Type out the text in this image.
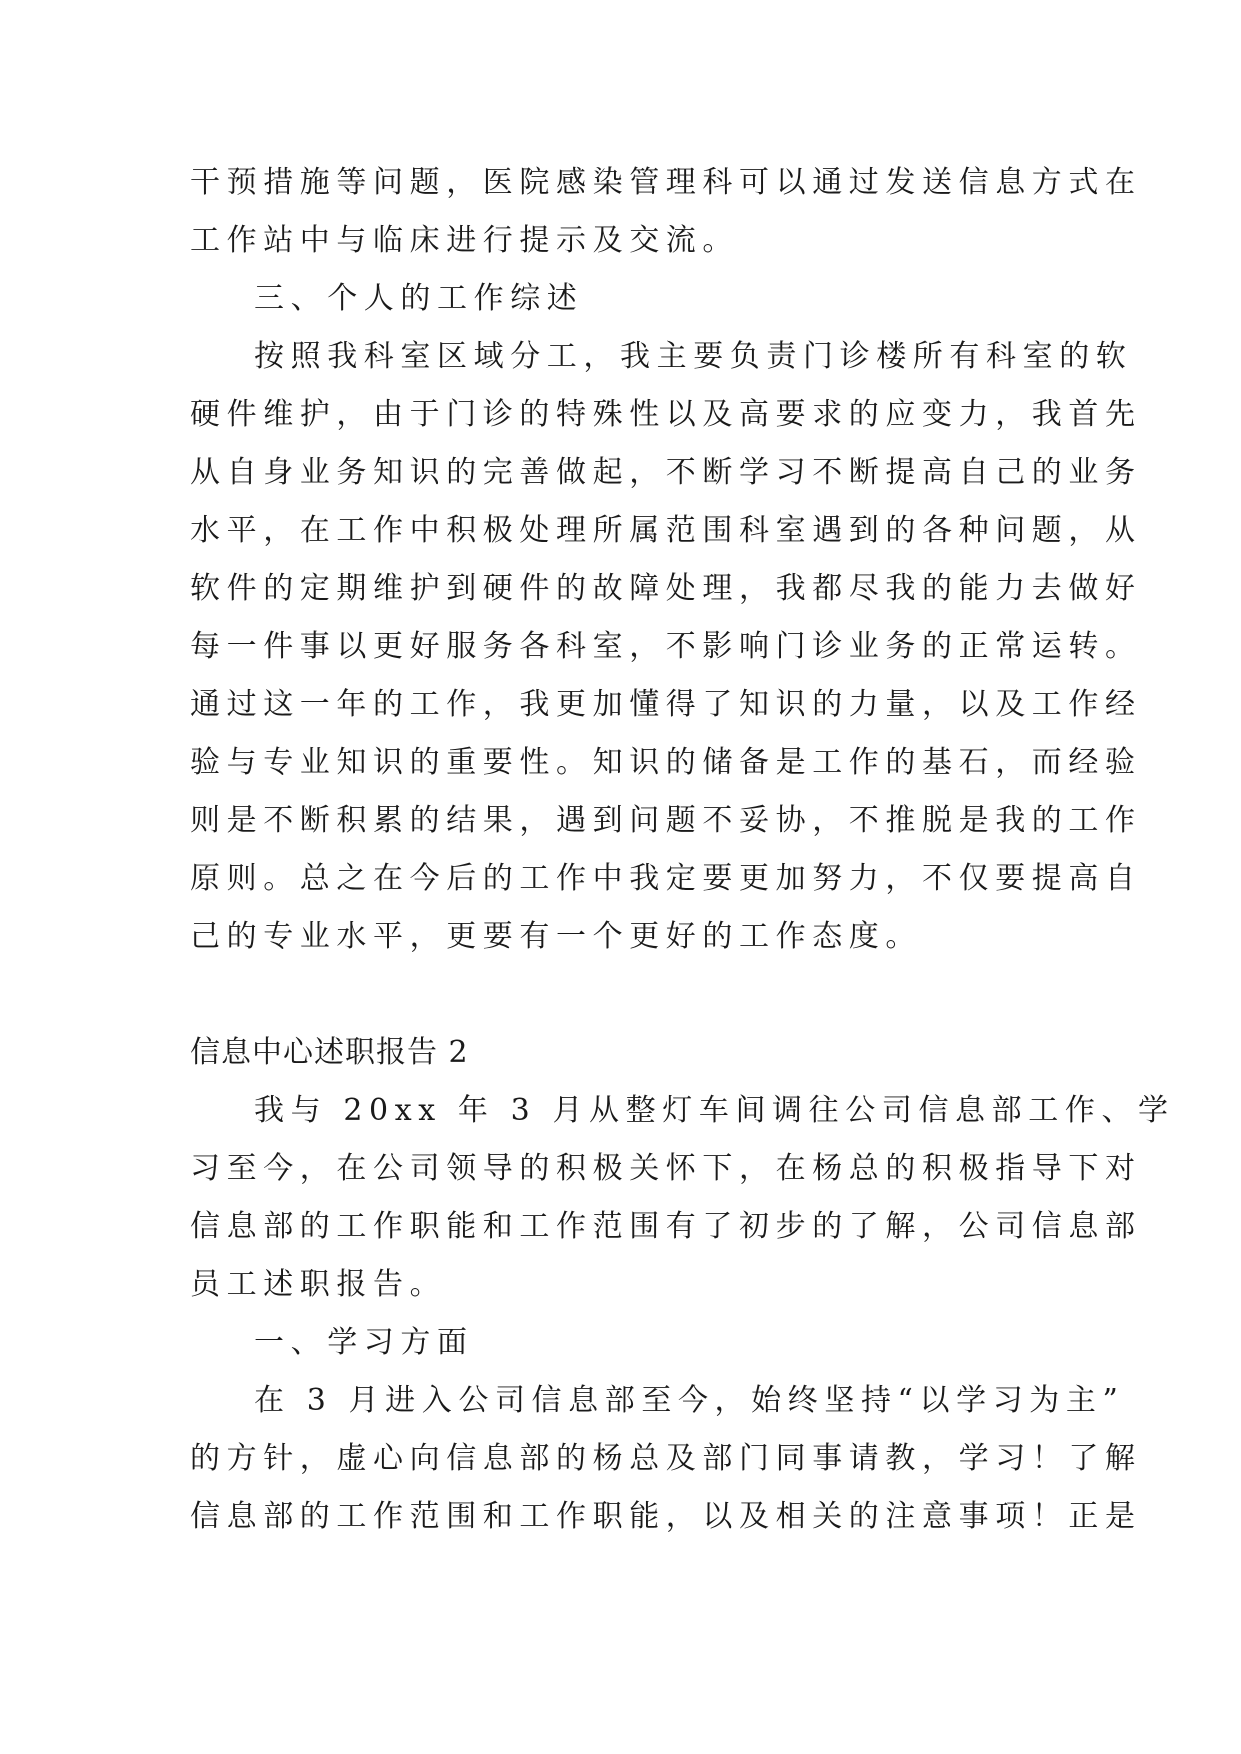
干预措施等问题，医院感染管理科可以通过发送信息方式在
工作站中与临床进行提示及交流。
三、个人的工作综述
按照我科室区域分工，我主要负责门诊楼所有科室的软
硬件维护，由于门诊的特殊性以及高要求的应变力，我首先
从自身业务知识的完善做起，不断学习不断提高自己的业务
水平，在工作中积极处理所属范围科室遇到的各种问题，从
软件的定期维护到硬件的故障处理，我都尽我的能力去做好
每一件事以更好服务各科室，不影响门诊业务的正常运转。
通过这一年的工作，我更加懂得了知识的力量，以及工作经
验与专业知识的重要性。知识的储备是工作的基石，而经验
则是不断积累的结果，遇到问题不妥协，不推脱是我的工作
原则。总之在今后的工作中我定要更加努力，不仅要提高自
己的专业水平，更要有一个更好的工作态度。
信息中心述职报告 2
我与 20xx 年 3 月从整灯车间调往公司信息部工作、学
习至今，在公司领导的积极关怀下，在杨总的积极指导下对
信息部的工作职能和工作范围有了初步的了解，公司信息部
员工述职报告。
一、学习方面
在 3 月进入公司信息部至今，始终坚持“以学习为主”
的方针，虚心向信息部的杨总及部门同事请教，学习！了解
信息部的工作范围和工作职能，以及相关的注意事项！正是
